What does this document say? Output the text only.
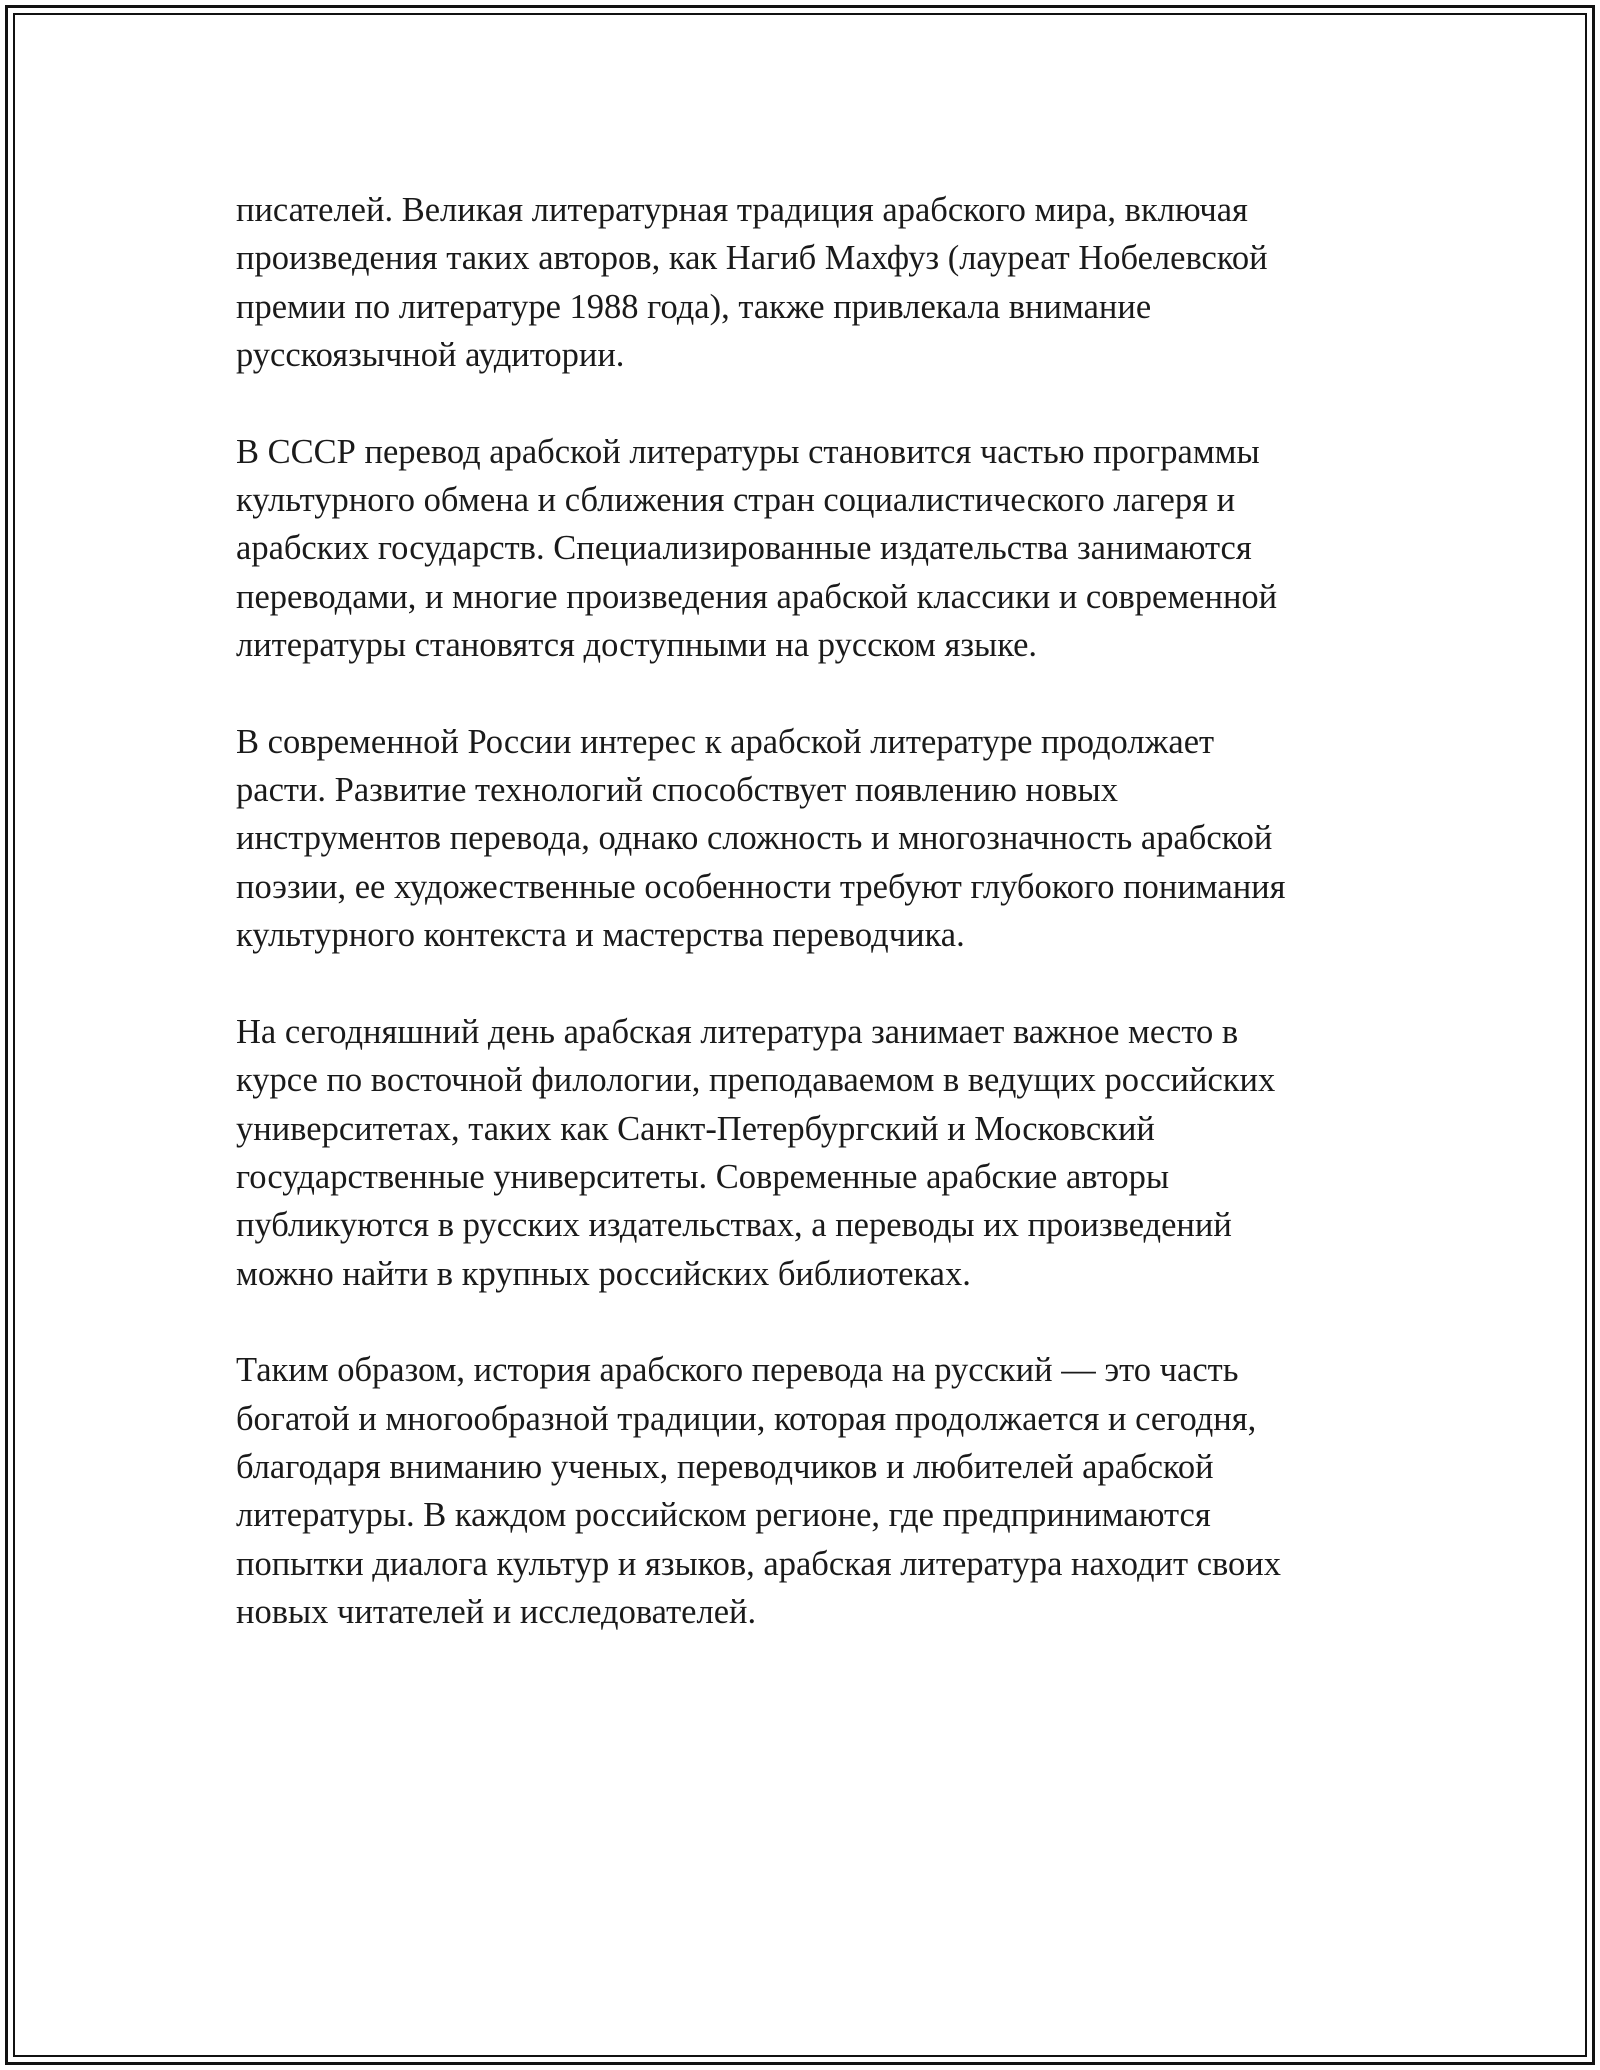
писателей. Великая литературная традиция арабского мира, включая
произведения таких авторов, как Нагиб Махфуз (лауреат Нобелевской
премии по литературе 1988 года), также привлекала внимание
русскоязычной аудитории.

В СССР перевод арабской литературы становится частью программы
культурного обмена и сближения стран социалистического лагеря и
арабских государств. Специализированные издательства занимаются
переводами, и многие произведения арабской классики и современной
литературы становятся доступными на русском языке.

В современной России интерес к арабской литературе продолжает
расти. Развитие технологий способствует появлению новых
инструментов перевода, однако сложность и многозначность арабской
поэзии, ее художественные особенности требуют глубокого понимания
культурного контекста и мастерства переводчика.

На сегодняшний день арабская литература занимает важное место в
курсе по восточной филологии, преподаваемом в ведущих российских
университетах, таких как Санкт-Петербургский и Московский
государственные университеты. Современные арабские авторы
публикуются в русских издательствах, а переводы их произведений
можно найти в крупных российских библиотеках.

Таким образом, история арабского перевода на русский — это часть
богатой и многообразной традиции, которая продолжается и сегодня,
благодаря вниманию ученых, переводчиков и любителей арабской
литературы. В каждом российском регионе, где предпринимаются
попытки диалога культур и языков, арабская литература находит своих
новых читателей и исследователей.
